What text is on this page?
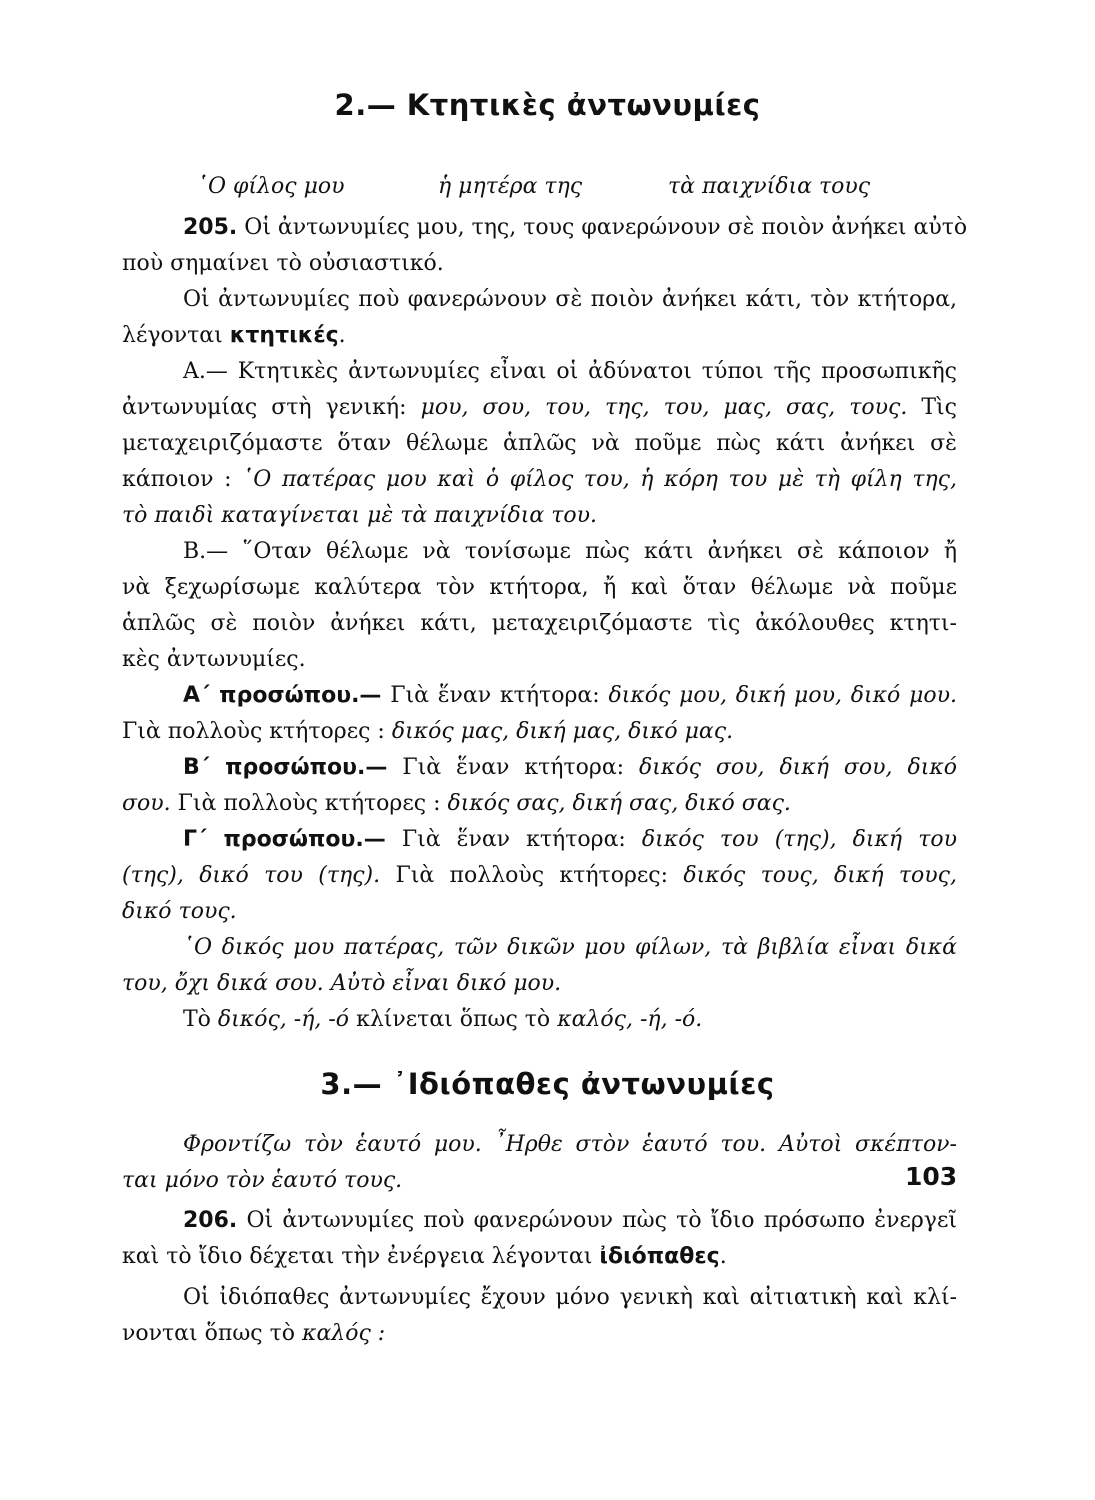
2.— Κτητικὲς ἀντωνυμίες
῾Ο φίλος μου	ἡ μητέρα της	τὰ παιχνίδια τους
205. Οἱ ἀντωνυμίες μου, της, τους φανερώνουν σὲ ποιὸν ἀνήκει αὐτὸ
ποὺ σημαίνει τὸ οὐσιαστικό.
Οἱ ἀντωνυμίες ποὺ φανερώνουν σὲ ποιὸν ἀνήκει κάτι, τὸν κτήτορα,
λέγονται κτητικές.
Α.— Κτητικὲς ἀντωνυμίες εἶναι οἱ ἀδύνατοι τύποι τῆς προσωπικῆς
ἀντωνυμίας στὴ γενική: μου, σου, του, της, του, μας, σας, τους. Τὶς
μεταχειριζόμαστε ὅταν θέλωμε ἁπλῶς νὰ ποῦμε πὼς κάτι ἀνήκει σὲ
κάποιον : ῾Ο πατέρας μου καὶ ὁ φίλος του, ἡ κόρη του μὲ τὴ φίλη της,
τὸ παιδὶ καταγίνεται μὲ τὰ παιχνίδια του.
Β.— ῞Οταν θέλωμε νὰ τονίσωμε πὼς κάτι ἀνήκει σὲ κάποιον ἤ
νὰ ξεχωρίσωμε καλύτερα τὸν κτήτορα, ἤ καὶ ὅταν θέλωμε νὰ ποῦμε
ἁπλῶς σὲ ποιὸν ἀνήκει κάτι, μεταχειριζόμαστε τὶς ἀκόλουθες κτητι-
κὲς ἀντωνυμίες.
Α΄ προσώπου.— Γιὰ ἕναν κτήτορα: δικός μου, δική μου, δικό μου.
Γιὰ πολλοὺς κτήτορες : δικός μας, δική μας, δικό μας.
Β΄ προσώπου.— Γιὰ ἕναν κτήτορα: δικός σου, δική σου, δικό
σου. Γιὰ πολλοὺς κτήτορες : δικός σας, δική σας, δικό σας.
Γ΄ προσώπου.— Γιὰ ἕναν κτήτορα: δικός του (της), δική του
(της), δικό του (της). Γιὰ πολλοὺς κτήτορες: δικός τους, δική τους,
δικό τους.
῾Ο δικός μου πατέρας, τῶν δικῶν μου φίλων, τὰ βιβλία εἶναι δικά
του, ὄχι δικά σου. Αὐτὸ εἶναι δικό μου.
Τὸ δικός, -ή, -ό κλίνεται ὅπως τὸ καλός, -ή, -ό.
3.— ᾿Ιδιόπαθες ἀντωνυμίες
Φροντίζω τὸν ἑαυτό μου. ῏Ηρθε στὸν ἑαυτό του. Αὐτοὶ σκέπτον-
ται μόνο τὸν ἑαυτό τους.
206. Οἱ ἀντωνυμίες ποὺ φανερώνουν πὼς τὸ ἴδιο πρόσωπο ἐνεργεῖ
καὶ τὸ ἴδιο δέχεται τὴν ἐνέργεια λέγονται ἰδιόπαθες.
Οἱ ἰδιόπαθες ἀντωνυμίες ἔχουν μόνο γενικὴ καὶ αἰτιατικὴ καὶ κλί-
νονται ὅπως τὸ καλός :
103
